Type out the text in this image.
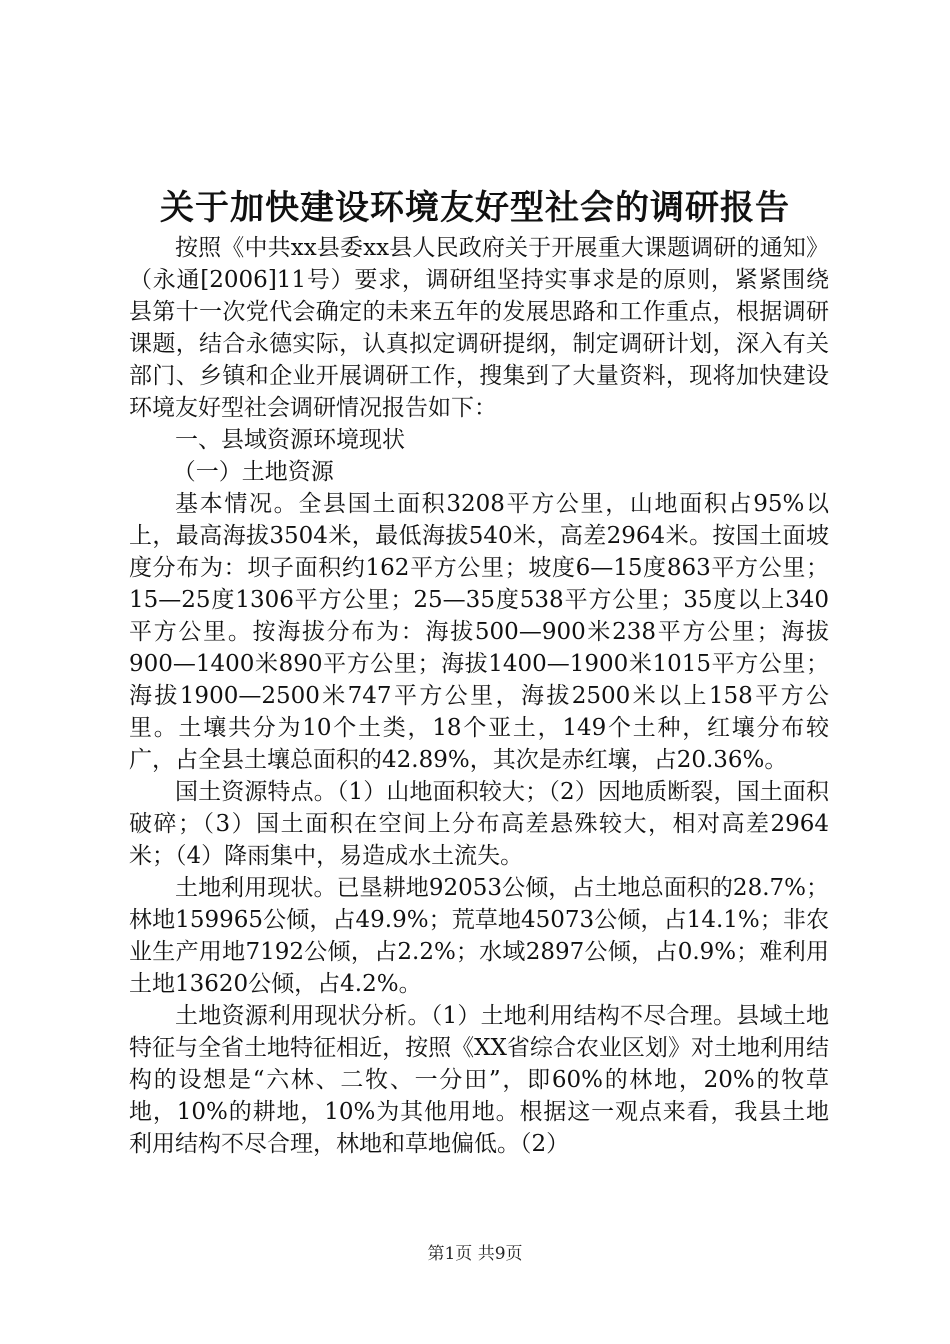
关于加快建设环境友好型社会的调研报告

按照《中共xx县委xx县人民政府关于开展重大课题调研的通知》（永通[2006]11号）要求，调研组坚持实事求是的原则，紧紧围绕县第十一次党代会确定的未来五年的发展思路和工作重点，根据调研课题，结合永德实际，认真拟定调研提纲，制定调研计划，深入有关部门、乡镇和企业开展调研工作，搜集到了大量资料，现将加快建设环境友好型社会调研情况报告如下：

一、县域资源环境现状

（一）土地资源

基本情况。全县国土面积3208平方公里，山地面积占95%以上，最高海拔3504米，最低海拔540米，高差2964米。按国土面坡度分布为：坝子面积约162平方公里；坡度6—15度863平方公里；15—25度1306平方公里；25—35度538平方公里；35度以上340平方公里。按海拔分布为：海拔500—900米238平方公里；海拔900—1400米890平方公里；海拔1400—1900米1015平方公里；海拔1900—2500米747平方公里，海拔2500米以上158平方公里。土壤共分为10个土类，18个亚土，149个土种，红壤分布较广，占全县土壤总面积的42.89%，其次是赤红壤，占20.36%。

国土资源特点。（1）山地面积较大；（2）因地质断裂，国土面积破碎；（3）国土面积在空间上分布高差悬殊较大，相对高差2964米；（4）降雨集中，易造成水土流失。

土地利用现状。已垦耕地92053公倾，占土地总面积的28.7%；林地159965公倾，占49.9%；荒草地45073公倾，占14.1%；非农业生产用地7192公倾，占2.2%；水域2897公倾，占0.9%；难利用土地13620公倾，占4.2%。

土地资源利用现状分析。（1）土地利用结构不尽合理。县域土地特征与全省土地特征相近，按照《XX省综合农业区划》对土地利用结构的设想是“六林、二牧、一分田”，即60%的林地，20%的牧草地，10%的耕地，10%为其他用地。根据这一观点来看，我县土地利用结构不尽合理，林地和草地偏低。（2）

第1页 共9页
